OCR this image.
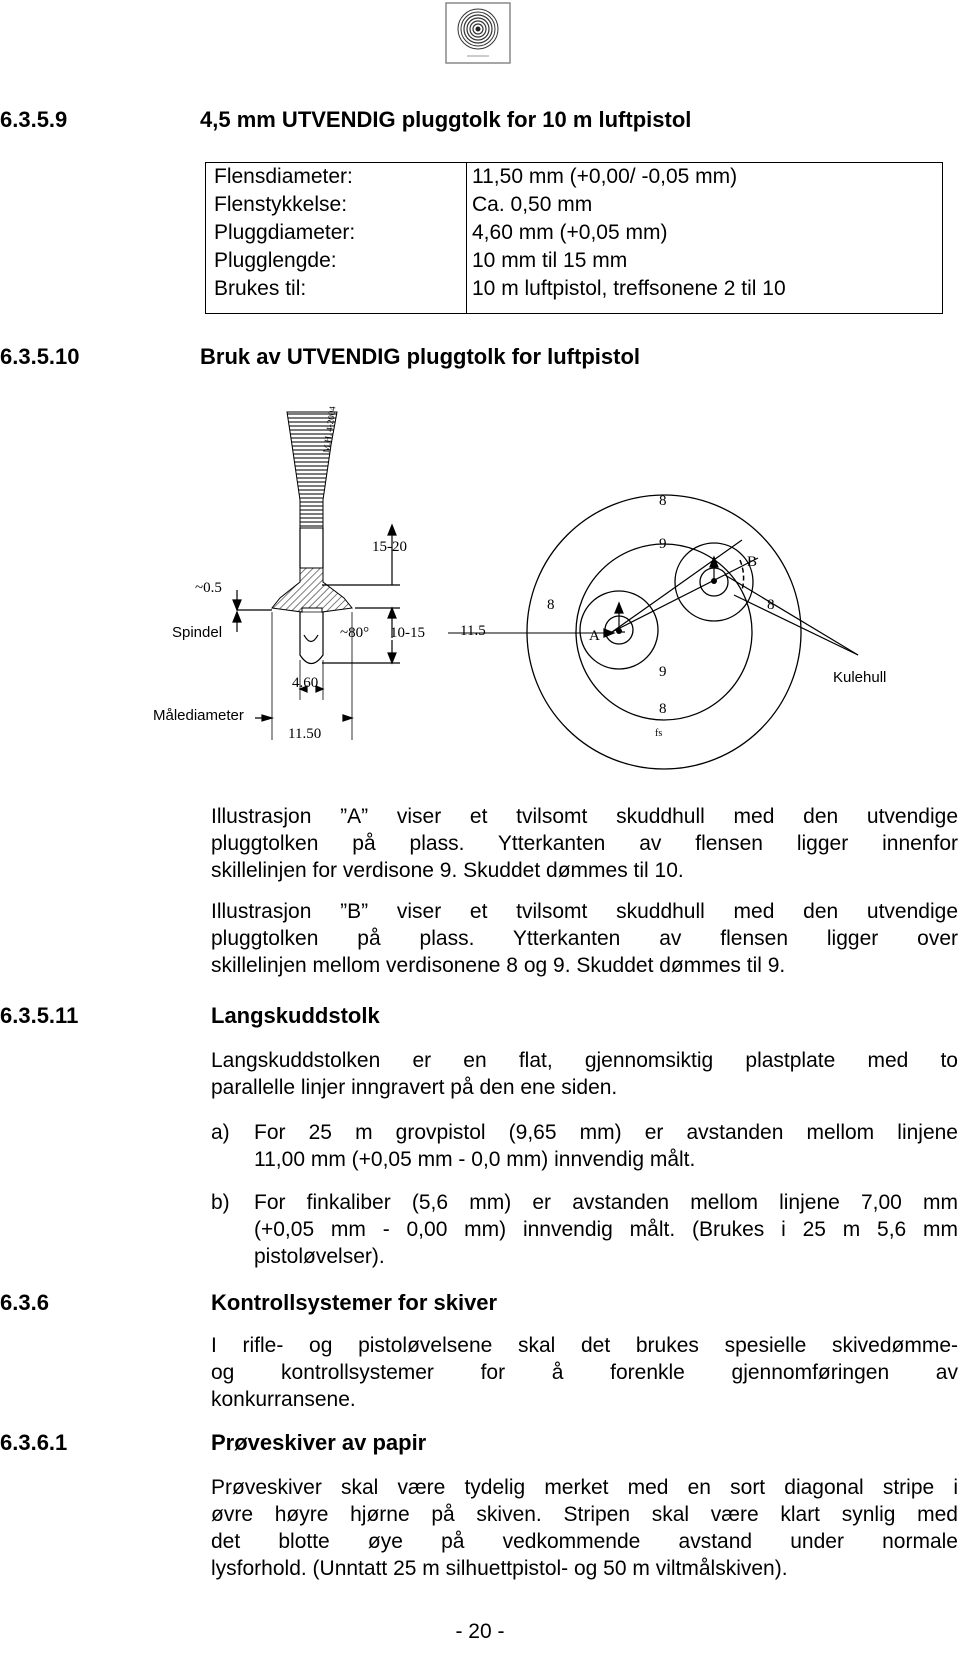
6.3.5.9	4,5 mm UTVENDIG pluggtolk for 10 m luftpistol
Flensdiameter:	11,50 mm (+0,00/ -0,05 mm)
Flenstykkelse:	Ca. 0,50 mm
Pluggdiameter:	4,60 mm (+0,05 mm)
Plugglengde:	10 mm til 15 mm
Brukes til:	10 m luftpistol, treffsonene 2 til 10
6.3.5.10	Bruk av UTVENDIG pluggtolk for luftpistol
M.H. 4-2004
15-20
~0.5
Spindel	~80° 10-15
4.60
Målediameter
11.50
11.5
8
9
B
8	8
A
9
8
fs
Kulehull
Illustrasjon ”A” viser et tvilsomt skuddhull med den utvendige
pluggtolken på plass. Ytterkanten av flensen ligger innenfor
skillelinjen for verdisone 9. Skuddet dømmes til 10.
Illustrasjon ”B” viser et tvilsomt skuddhull med den utvendige
pluggtolken på plass. Ytterkanten av flensen ligger over
skillelinjen mellom verdisonene 8 og 9. Skuddet dømmes til 9.
6.3.5.11	Langskuddstolk
Langskuddstolken er en flat, gjennomsiktig plastplate med to
parallelle linjer inngravert på den ene siden.
a) For 25 m grovpistol (9,65 mm) er avstanden mellom linjene
11,00 mm (+0,05 mm - 0,0 mm) innvendig målt.
b) For finkaliber (5,6 mm) er avstanden mellom linjene 7,00 mm
(+0,05 mm - 0,00 mm) innvendig målt. (Brukes i 25 m 5,6 mm
pistoløvelser).
6.3.6	Kontrollsystemer for skiver
I rifle- og pistoløvelsene skal det brukes spesielle skivedømme-
og kontrollsystemer for å forenkle gjennomføringen av
konkurransene.
6.3.6.1	Prøveskiver av papir
Prøveskiver skal være tydelig merket med en sort diagonal stripe i
øvre høyre hjørne på skiven. Stripen skal være klart synlig med
det blotte øye på vedkommende avstand under normale
lysforhold. (Unntatt 25 m silhuettpistol- og 50 m viltmålskiven).
- 20 -
